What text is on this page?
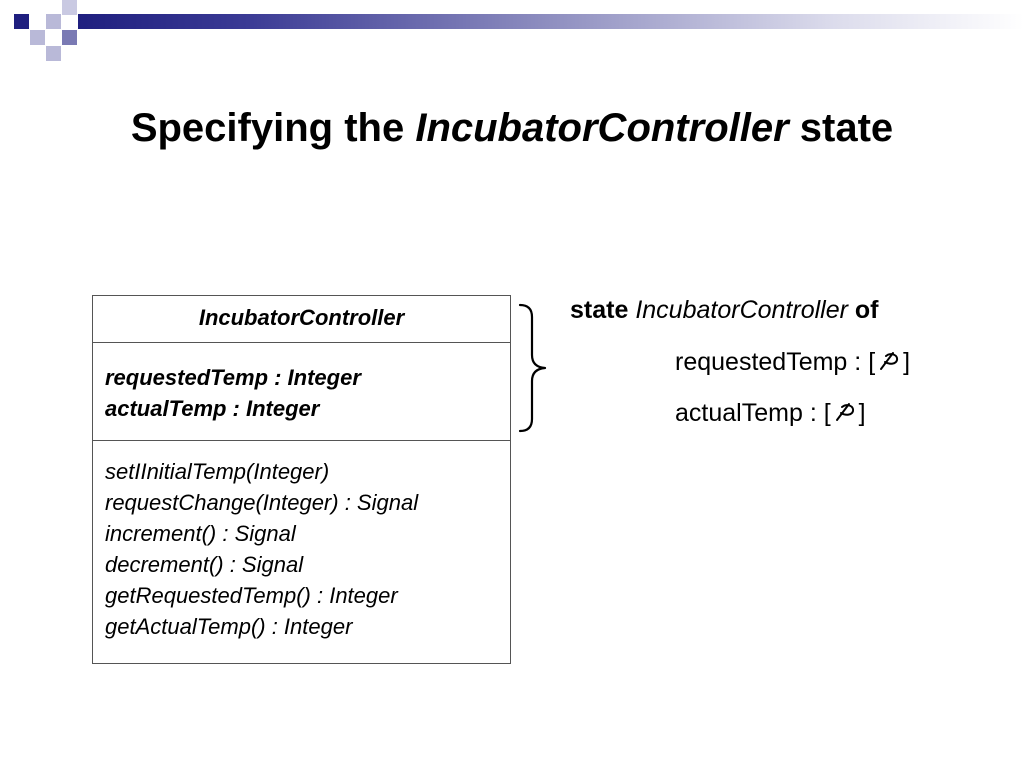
Specifying the IncubatorController state
IncubatorController
requestedTemp : Integer
actualTemp : Integer
setIInitialTemp(Integer)
requestChange(Integer) : Signal
increment() : Signal
decrement() : Signal
getRequestedTemp() : Integer
getActualTemp() : Integer
state IncubatorController of
requestedTemp : [ ]
actualTemp : [ ]
